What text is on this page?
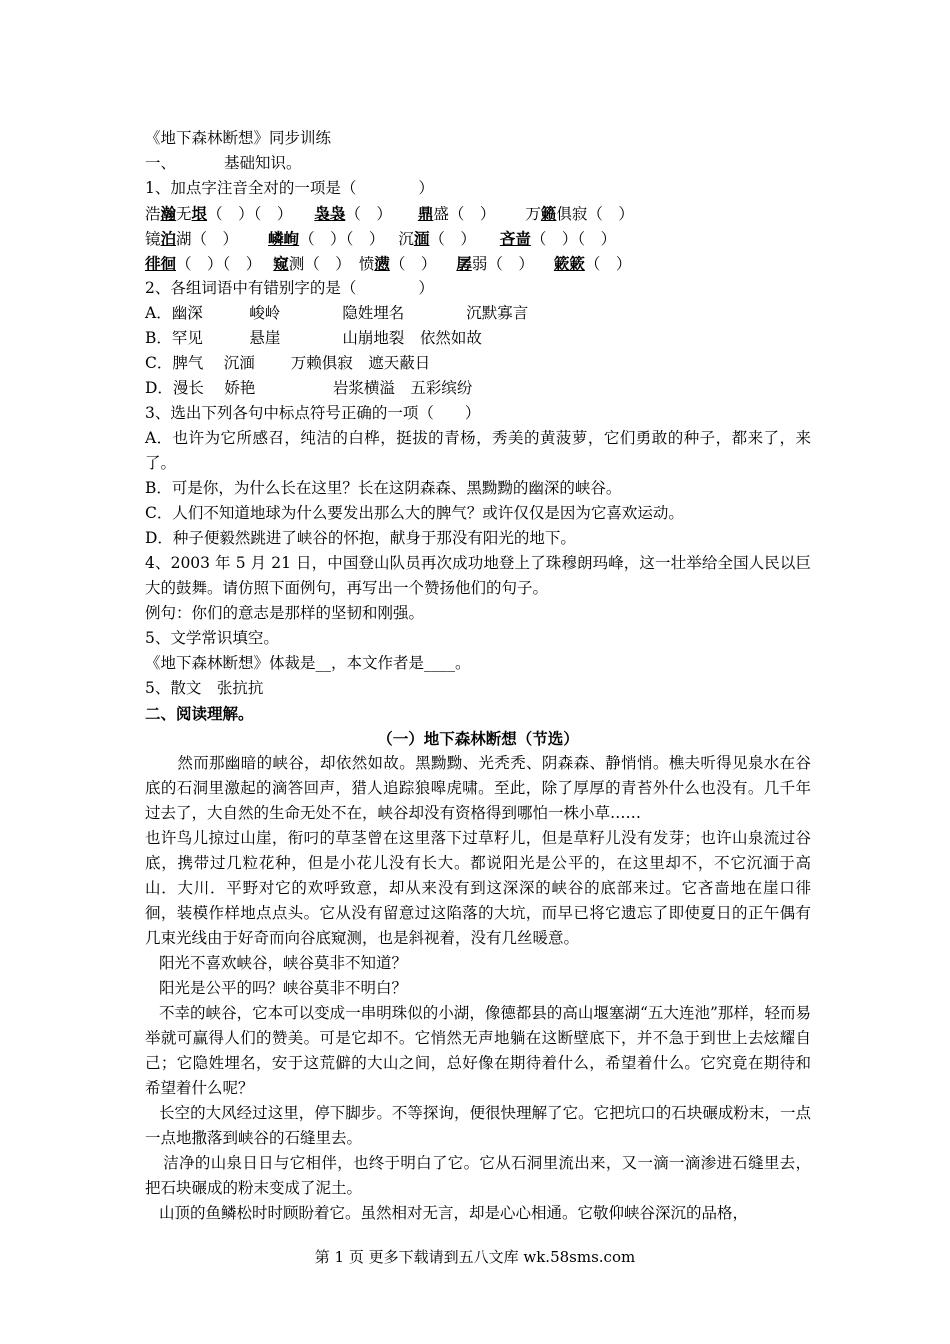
《地下森林断想》同步训练
一、	基础知识。
1、加点字注音全对的一项是（　　　　）
浩瀚无垠（　）（　） 袅袅（　） 鼎盛（　） 万籁俱寂（　）
镜泊湖（　） 嶙峋（　）（　） 沉湎（　） 吝啬（　）（　）
徘徊（　）（　） 窥测（　） 愤懑（　） 孱弱（　） 簌簌（　）
2、各组词语中有错别字的是（　　　　）
A．幽深　　　峻岭　　　　隐姓埋名　　　　沉默寡言
B．罕见　　　悬崖　　　　山崩地裂　依然如故
C．脾气　 沉湎　　 万赖俱寂　遮天蔽日
D．漫长　 娇艳　　　　　岩浆横溢　五彩缤纷
3、选出下列各句中标点符号正确的一项（　　）
A．也许为它所感召，纯洁的白桦，挺拔的青杨，秀美的黄菠萝，它们勇敢的种子，都来了，来了。
B．可是你，为什么长在这里？长在这阴森森、黑黝黝的幽深的峡谷。
C．人们不知道地球为什么要发出那么大的脾气？或许仅仅是因为它喜欢运动。
D．种子便毅然跳进了峡谷的怀抱，献身于那没有阳光的地下。
4、2003 年 5 月 21 日，中国登山队员再次成功地登上了珠穆朗玛峰，这一壮举给全国人民以巨大的鼓舞。请仿照下面例句，再写出一个赞扬他们的句子。
例句：你们的意志是那样的坚韧和刚强。
5、文学常识填空。
《地下森林断想》体裁是__，本文作者是____。
5、散文　张抗抗
二、阅读理解。
（一）地下森林断想（节选）
然而那幽暗的峡谷，却依然如故。黑黝黝、光秃秃、阴森森、静悄悄。樵夫听得见泉水在谷底的石洞里激起的滴答回声，猎人追踪狼嗥虎啸。至此，除了厚厚的青苔外什么也没有。几千年过去了，大自然的生命无处不在，峡谷却没有资格得到哪怕一株小草……
也许鸟儿掠过山崖，衔叼的草茎曾在这里落下过草籽儿，但是草籽儿没有发芽；也许山泉流过谷底，携带过几粒花种，但是小花儿没有长大。都说阳光是公平的，在这里却不，不它沉湎于高山．大川．平野对它的欢呼致意，却从来没有到这深深的峡谷的底部来过。它吝啬地在崖口徘徊，装模作样地点点头。它从没有留意过这陷落的大坑，而早已将它遗忘了即使夏日的正午偶有几束光线由于好奇而向谷底窥测，也是斜视着，没有几丝暖意。
阳光不喜欢峡谷，峡谷莫非不知道？
阳光是公平的吗？峡谷莫非不明白？
不幸的峡谷，它本可以变成一串明珠似的小湖，像德都县的高山堰塞湖“五大连池”那样，轻而易举就可赢得人们的赞美。可是它却不。它悄然无声地躺在这断壁底下，并不急于到世上去炫耀自己；它隐姓埋名，安于这荒僻的大山之间，总好像在期待着什么，希望着什么。它究竟在期待和希望着什么呢？
长空的大风经过这里，停下脚步。不等探询，便很快理解了它。它把坑口的石块碾成粉末，一点一点地撒落到峡谷的石缝里去。
洁净的山泉日日与它相伴，也终于明白了它。它从石洞里流出来，又一滴一滴渗进石缝里去，把石块碾成的粉末变成了泥土。
山顶的鱼鳞松时时顾盼着它。虽然相对无言，却是心心相通。它敬仰峡谷深沉的品格，
第 1 页 更多下载请到五八文库 wk.58sms.com
